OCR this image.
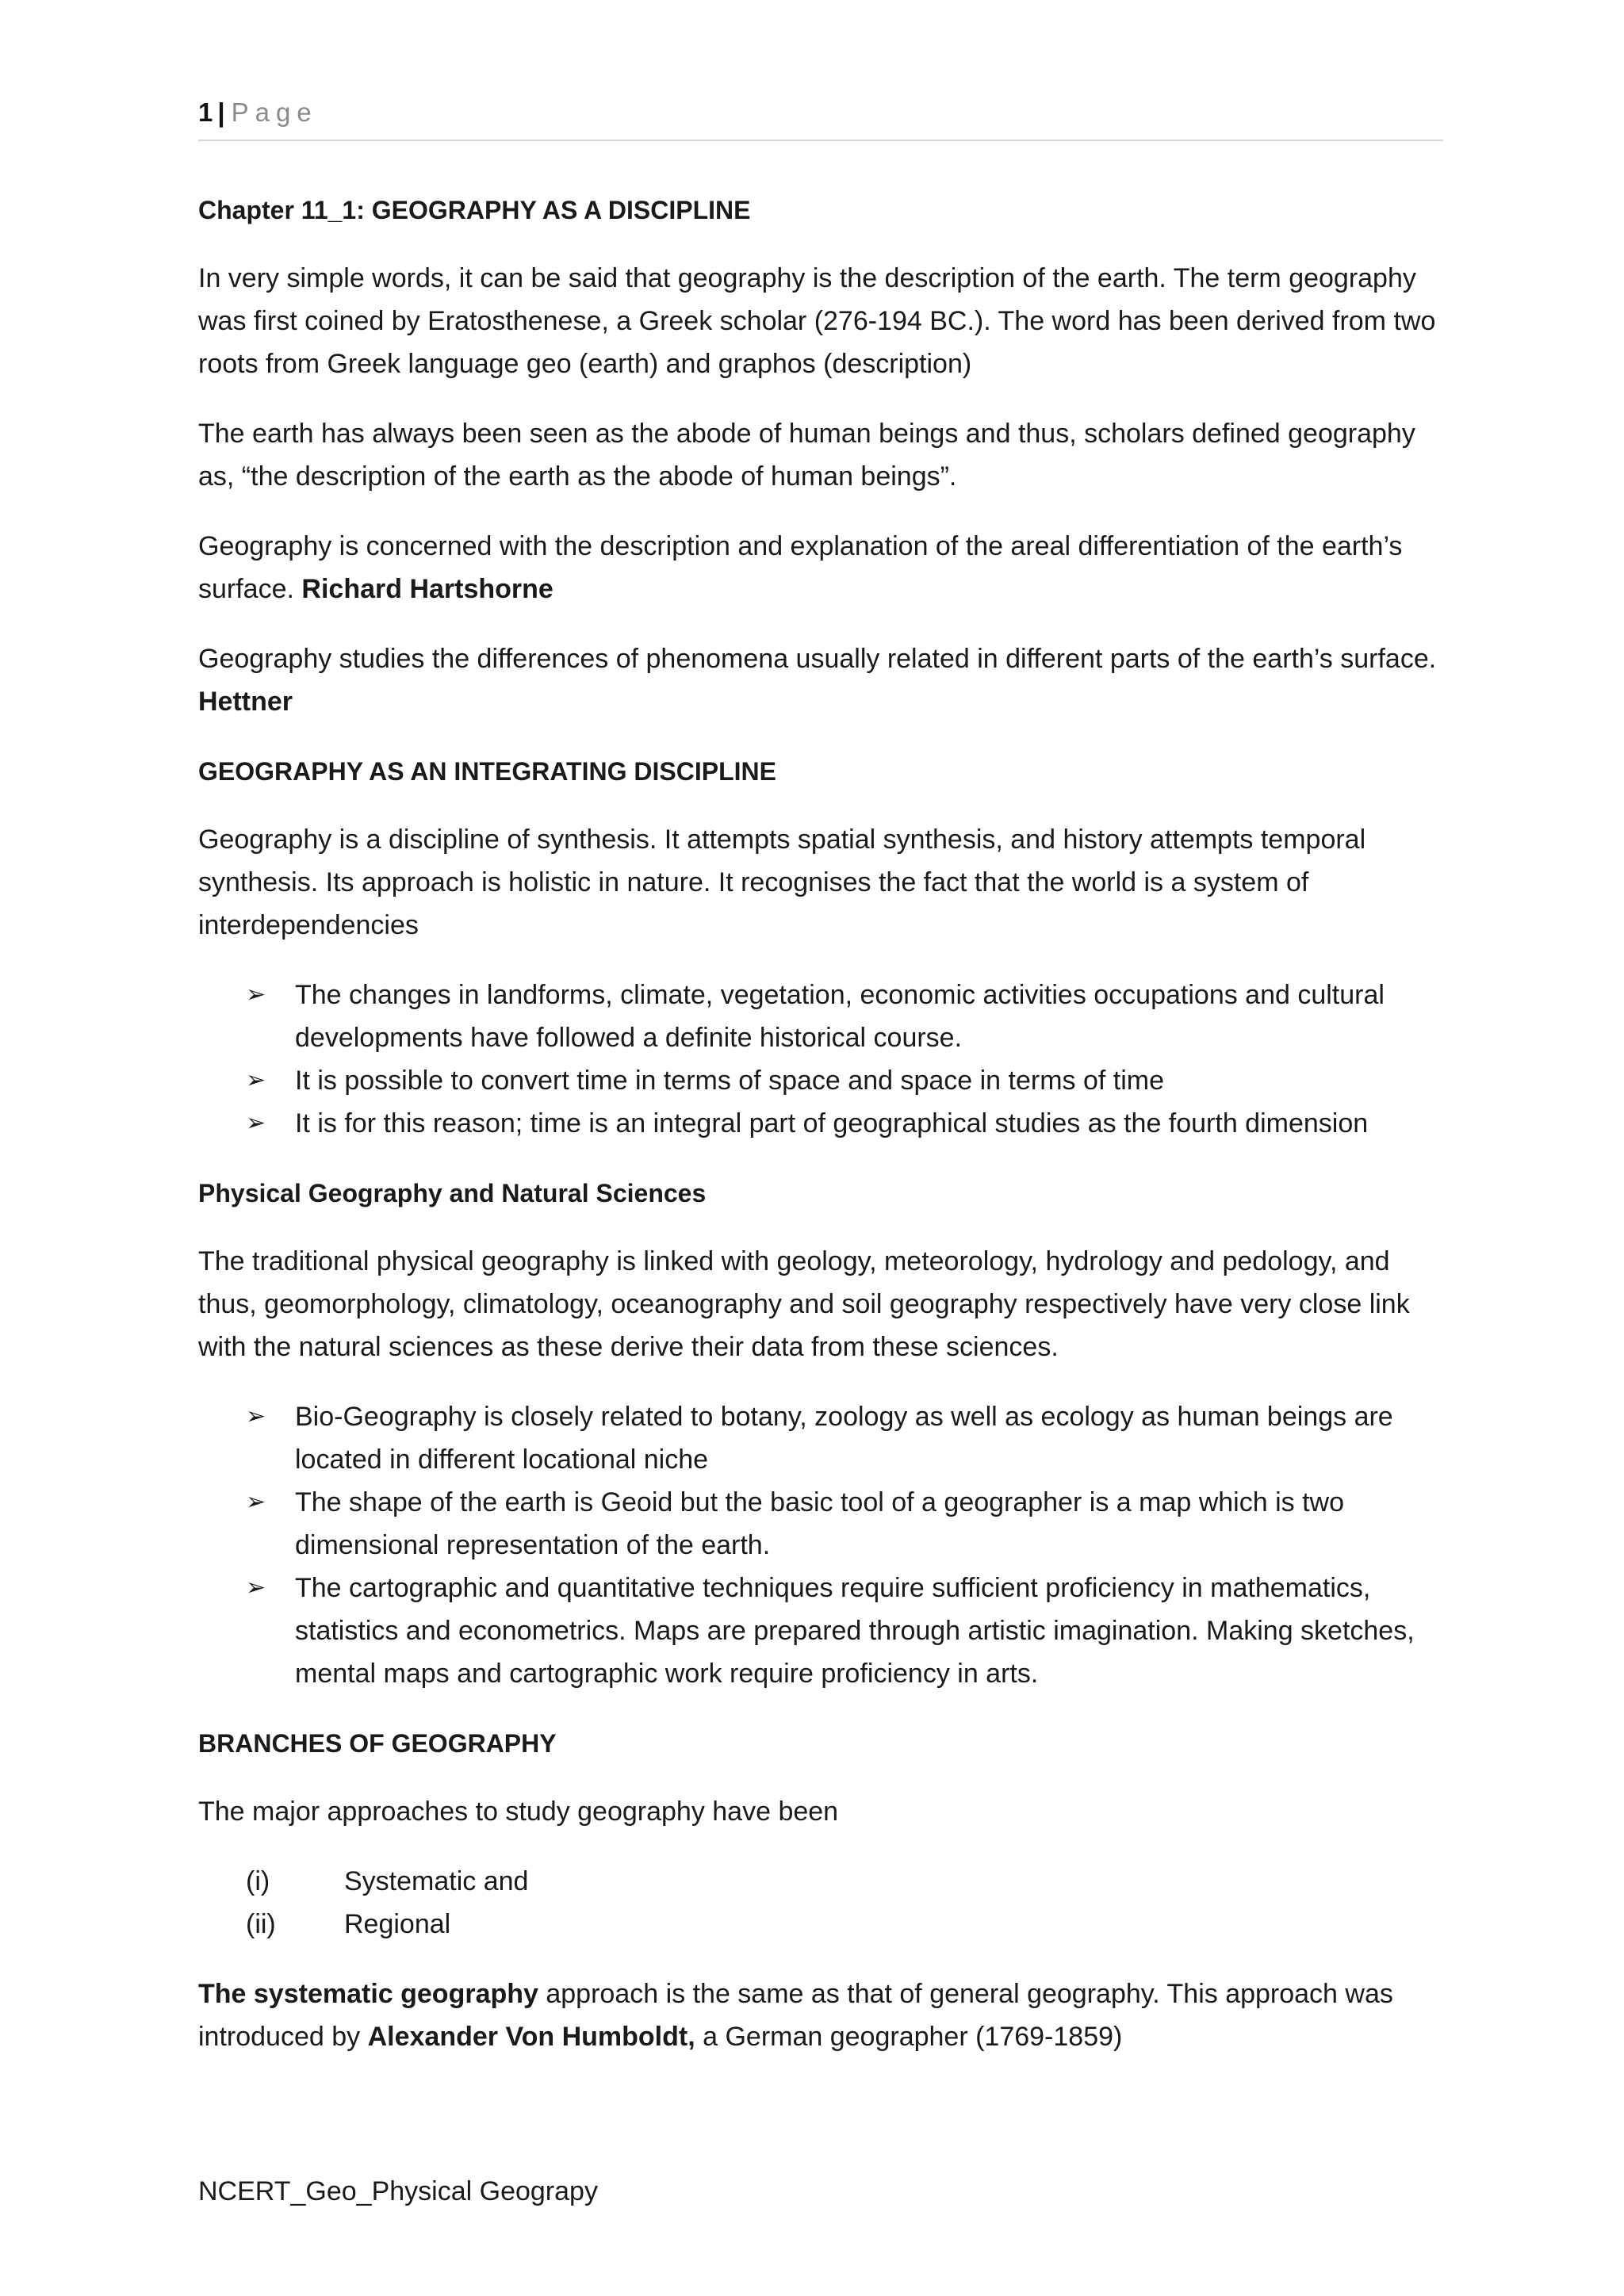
1 | Page
Chapter 11_1: GEOGRAPHY AS A DISCIPLINE

In very simple words, it can be said that geography is the description of the earth. The term geography was first coined by Eratosthenese, a Greek scholar (276-194 BC.). The word has been derived from two roots from Greek language geo (earth) and graphos (description)

The earth has always been seen as the abode of human beings and thus, scholars defined geography as, “the description of the earth as the abode of human beings”.

Geography is concerned with the description and explanation of the areal differentiation of the earth’s surface. Richard Hartshorne

Geography studies the differences of phenomena usually related in different parts of the earth’s surface. Hettner

GEOGRAPHY AS AN INTEGRATING DISCIPLINE

Geography is a discipline of synthesis. It attempts spatial synthesis, and history attempts temporal synthesis. Its approach is holistic in nature. It recognises the fact that the world is a system of interdependencies

➢ The changes in landforms, climate, vegetation, economic activities occupations and cultural developments have followed a definite historical course.
➢ It is possible to convert time in terms of space and space in terms of time
➢ It is for this reason; time is an integral part of geographical studies as the fourth dimension
Physical Geography and Natural Sciences

The traditional physical geography is linked with geology, meteorology, hydrology and pedology, and thus, geomorphology, climatology, oceanography and soil geography respectively have very close link with the natural sciences as these derive their data from these sciences.

➢ Bio-Geography is closely related to botany, zoology as well as ecology as human beings are located in different locational niche
➢ The shape of the earth is Geoid but the basic tool of a geographer is a map which is two dimensional representation of the earth.
➢ The cartographic and quantitative techniques require sufficient proficiency in mathematics, statistics and econometrics. Maps are prepared through artistic imagination. Making sketches, mental maps and cartographic work require proficiency in arts.
BRANCHES OF GEOGRAPHY

The major approaches to study geography have been

(i)	Systematic and
(ii)	Regional

The systematic geography approach is the same as that of general geography. This approach was introduced by Alexander Von Humboldt, a German geographer (1769-1859)

NCERT_Geo_Physical Geograpy
